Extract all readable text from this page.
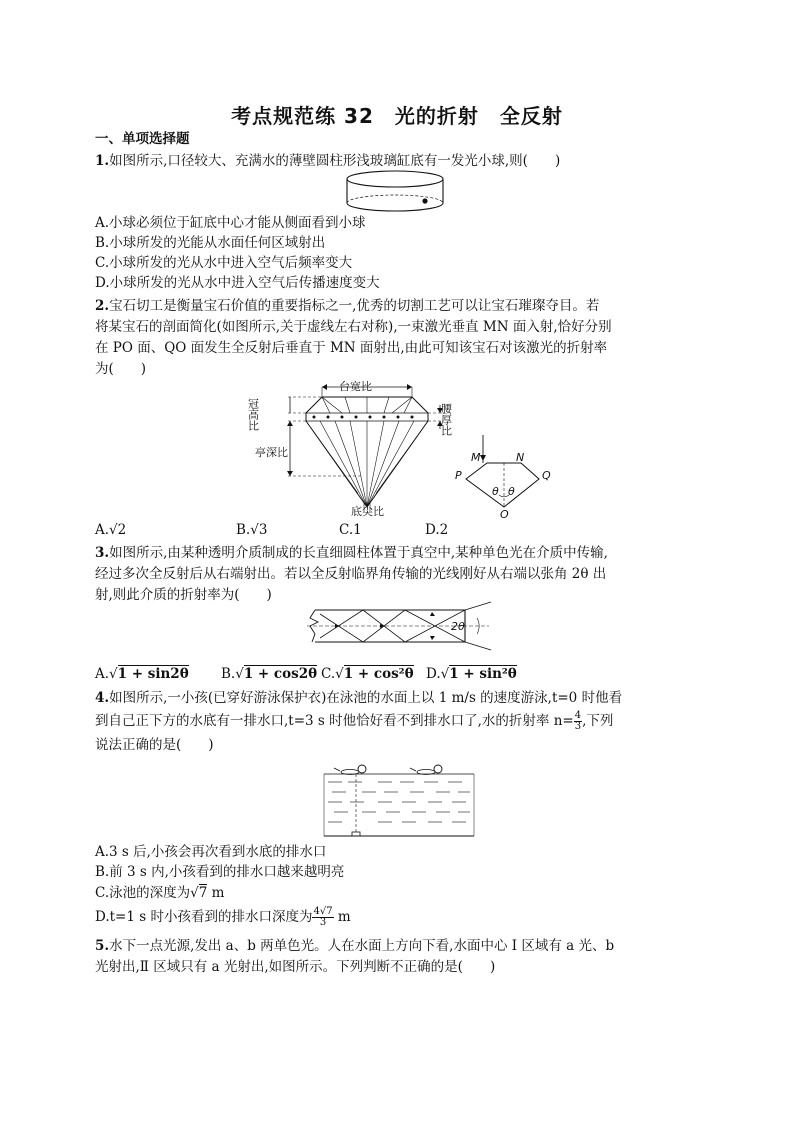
考点规范练 32　光的折射　全反射
一、单项选择题
1.如图所示,口径较大、充满水的薄壁圆柱形浅玻璃缸底有一发光小球,则(　　)
A.小球必须位于缸底中心才能从侧面看到小球
B.小球所发的光能从水面任何区域射出
C.小球所发的光从水中进入空气后频率变大
D.小球所发的光从水中进入空气后传播速度变大
2.宝石切工是衡量宝石价值的重要指标之一,优秀的切割工艺可以让宝石璀璨夺目。若
将某宝石的剖面简化(如图所示,关于虚线左右对称),一束激光垂直 MN 面入射,恰好分别
在 PO 面、QO 面发生全反射后垂直于 MN 面射出,由此可知该宝石对该激光的折射率
为(　　)
台宽比
冠高比
亭深比
腰厚比
底尖比
M	N
P	Q
O
θ θ
A.√2	B.√3	C.1	D.2
3.如图所示,由某种透明介质制成的长直细圆柱体置于真空中,某种单色光在介质中传输,
经过多次全反射后从右端射出。若以全反射临界角传输的光线刚好从右端以张角 2θ 出
射,则此介质的折射率为(　　)
2θ
A.√1 + sin2θ B.√1 + cos2θ C.√1 + cos²θ D.√1 + sin²θ
4.如图所示,一小孩(已穿好游泳保护衣)在泳池的水面上以 1 m/s 的速度游泳,t=0 时他看
到自己正下方的水底有一排水口,t=3 s 时他恰好看不到排水口了,水的折射率 $n= \frac{4}{3}$ ,下列
说法正确的是(　　)
A.3 s 后,小孩会再次看到水底的排水口
B.前 3 s 内,小孩看到的排水口越来越明亮
C.泳池的深度为√7 m
D.t=1 s 时小孩看到的排水口深度为 $\frac{4√7}{3}$ m
5.水下一点光源,发出 a、b 两单色光。人在水面上方向下看,水面中心 Ⅰ 区域有 a 光、b
光射出,Ⅱ 区域只有 a 光射出,如图所示。下列判断不正确的是(　　)
